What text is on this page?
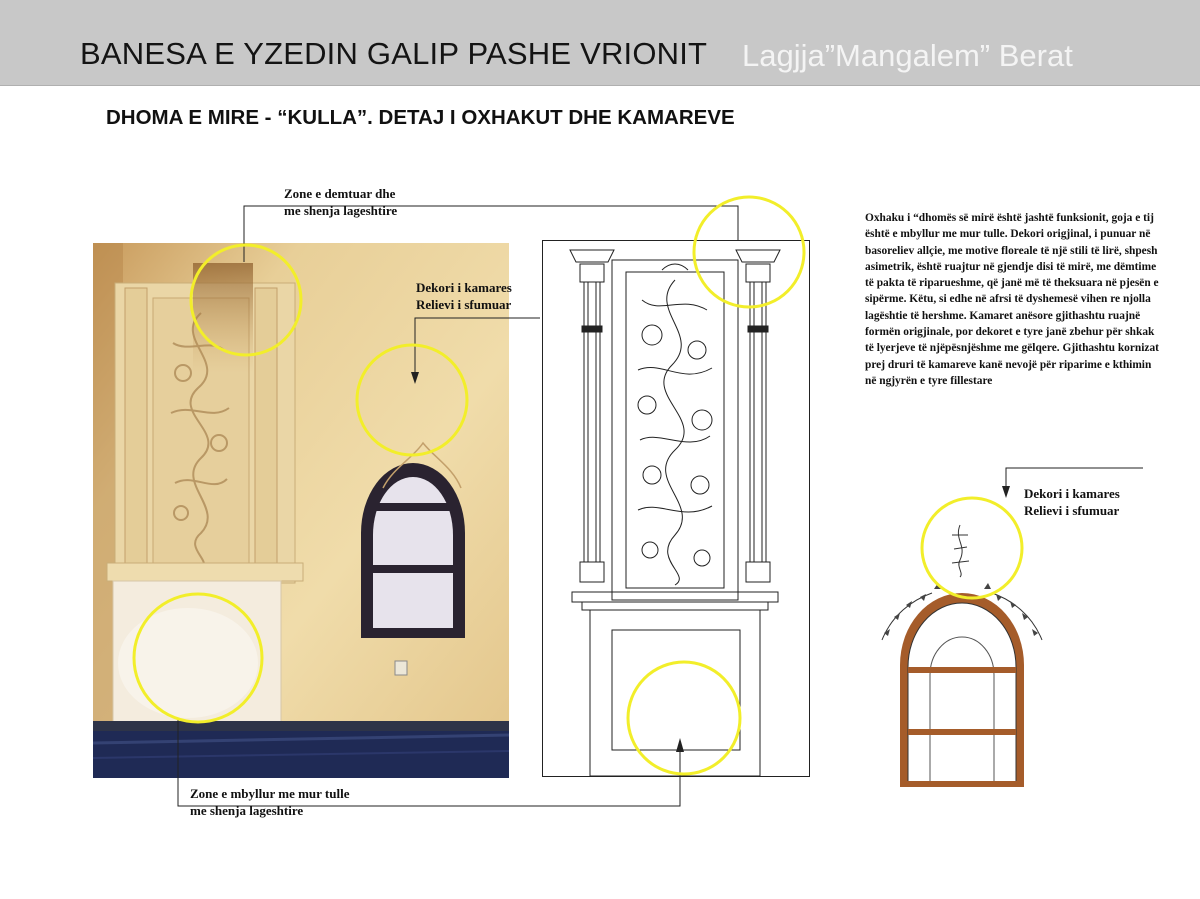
BANESA E YZEDIN GALIP PASHE VRIONIT Lagjja”Mangalem” Berat
DHOMA E MIRE - “KULLA”. DETAJ I OXHAKUT DHE KAMAREVE
Zone e demtuar dhe
me shenja lageshtire
Dekori i kamares
Relievi i sfumuar
Dekori i kamares
Relievi i sfumuar
Zone e mbyllur me mur tulle
me shenja lageshtire
Oxhaku i “dhomës së mirë është jashtë funksionit, goja e tij është e mbyllur me mur tulle. Dekori origjinal, i punuar në basoreliev allçie, me motive floreale të një stili të lirë, shpesh asimetrik, është ruajtur në gjendje disi të mirë, me dëmtime të pakta të riparueshme, që janë më të theksuara në pjesën e sipërme. Këtu, si edhe në afrsi të dyshemesë vihen re njolla lagështie të hershme. Kamaret anësore gjithashtu ruajnë formën origjinale, por dekoret e tyre janë zbehur për shkak të lyerjeve të njëpësnjëshme me gëlqere. Gjithashtu kornizat prej druri të kamareve kanë nevojë për riparime e kthimin në ngjyrën e tyre fillestare
